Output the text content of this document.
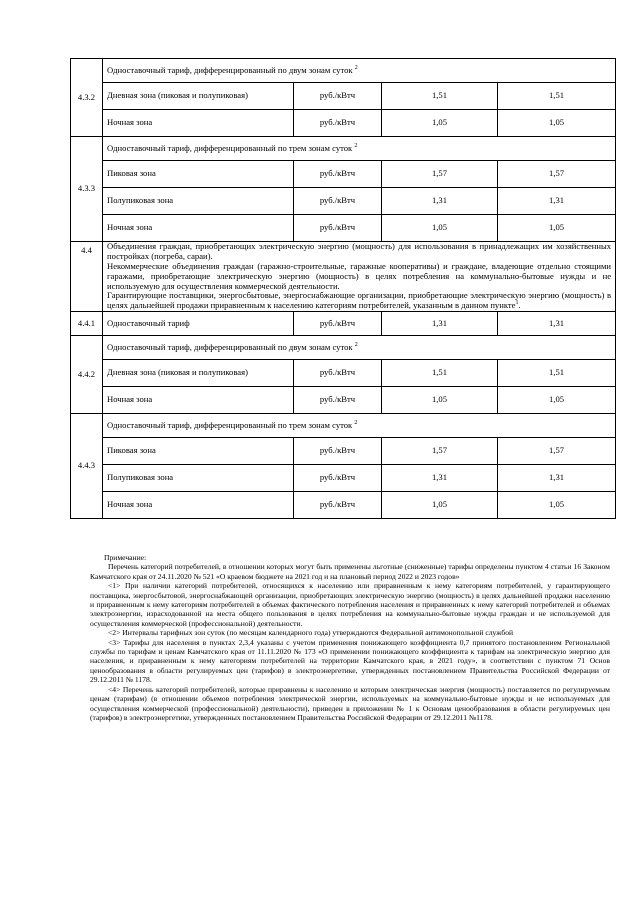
4.3.2	Одноставочный тариф, дифференцированный по двум зонам суток $^2$
	Дневная зона (пиковая и полупиковая)	руб./кВтч	1,51	1,51
	Ночная зона	руб./кВтч	1,05	1,05
4.3.3	Одноставочный тариф, дифференцированный по трем зонам суток $^2$
	Пиковая зона	руб./кВтч	1,57	1,57
	Полупиковая зона	руб./кВтч	1,31	1,31
	Ночная зона	руб./кВтч	1,05	1,05
4.4	Объединения граждан, приобретающих электрическую энергию (мощность) для использования в принадлежащих им хозяйственных постройках (погреба, сараи).

Некоммерческие объединения граждан (гаражно-строительные, гаражные кооперативы) и граждане, владеющие отдельно стоящими гаражами, приобретающие электрическую энергию (мощность) в целях потребления на коммунально-бытовые нужды и не используемую для осуществления коммерческой деятельности.

Гарантирующие поставщики, энергосбытовые, энергоснабжающие организации, приобретающие электрическую энергию (мощность) в целях дальнейшей продажи приравненным к населению категориям потребителей, указанным в данном пункте$^1$.			

4.4.1	Одноставочный тариф	руб./кВтч	1,31	1,31
4.4.2	Одноставочный тариф, дифференцированный по двум зонам суток $^2$
	Дневная зона (пиковая и полупиковая)	руб./кВтч	1,51	1,51
	Ночная зона	руб./кВтч	1,05	1,05
4.4.3	Одноставочный тариф, дифференцированный по трем зонам суток $^2$
	Пиковая зона	руб./кВтч	1,57	1,57
	Полупиковая зона	руб./кВтч	1,31	1,31
	Ночная зона	руб./кВтч	1,05	1,05

Примечание:

Перечень категорий потребителей, в отношении которых могут быть применены льготные (сниженные) тарифы определены пунктом 4 статьи 16 Законом Камчатского края от 24.11.2020 № 521 «О краевом бюджете на 2021 год и на плановый период 2022 и 2023 годов»

<1> При наличии категорий потребителей, относящихся к населению или приравненным к нему категориям потребителей, у гарантирующего поставщика, энергосбытовой, энергоснабжающей организации, приобретающих электрическую энергию (мощность) в целях дальнейшей продажи населению и приравненным к нему категориям потребителей в объемах фактического потребления населения и приравненных к нему категорий потребителей и объемах электроэнергии, израсходованной на места общего пользования в целях потребления на коммунально-бытовые нужды граждан и не используемой для осуществления коммерческой (профессиональной) деятельности.

<2> Интервалы тарифных зон суток (по месяцам календарного года) утверждаются Федеральной антимонопольной службой

<3> Тарифы для населения в пунктах 2,3,4 указаны с учетом применения понижающего коэффициента 0,7 принятого постановлением Региональной службы по тарифам и ценам Камчатского края от 11.11.2020 № 173 «О применении понижающего коэффициента к тарифам на электрическую энергию для населения, и приравненным к нему категориям потребителей на территории Камчатского края, в 2021 году», в соответствии с пунктом 71 Основ ценообразования в области регулируемых цен (тарифов) в электроэнергетике, утвержденных постановлением Правительства Российской Федерации от 29.12.2011 № 1178.

<4> Перечень категорий потребителей, которые приравнены к населению и которым электрическая энергия (мощность) поставляется по регулируемым ценам (тарифам) (в отношении объемов потребления электрической энергии, используемых на коммунально-бытовые нужды и не используемых для осуществления коммерческой (профессиональной) деятельности), приведен в приложении № 1 к Основам ценообразования в области регулируемых цен (тарифов) в электроэнергетике, утвержденных постановлением Правительства Российской Федерации от 29.12.2011 №1178.
